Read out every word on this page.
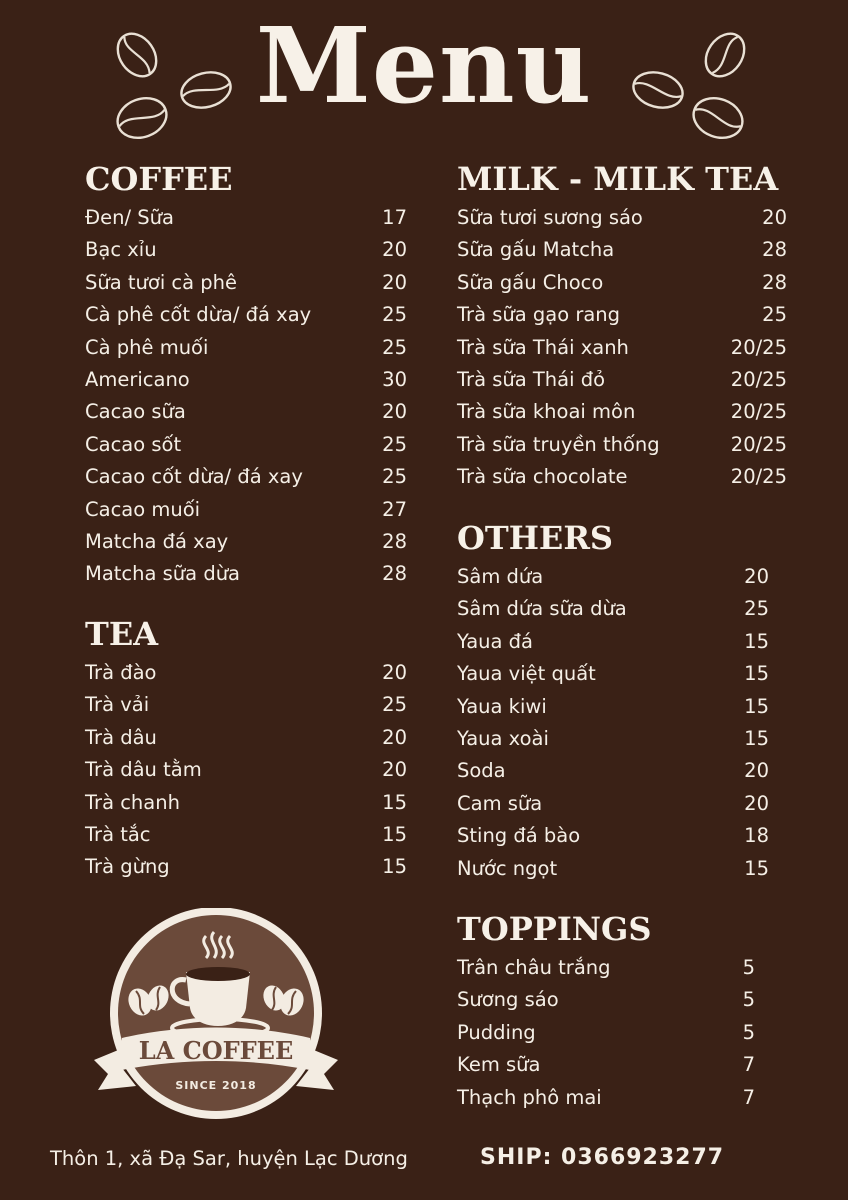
Menu
COFFEE
Đen/ Sữa	17
Bạc xỉu	20
Sữa tươi cà phê	20
Cà phê cốt dừa/ đá xay	25
Cà phê muối	25
Americano	30
Cacao sữa	20
Cacao sốt	25
Cacao cốt dừa/ đá xay	25
Cacao muối	27
Matcha đá xay	28
Matcha sữa dừa	28
TEA
Trà đào	20
Trà vải	25
Trà dâu	20
Trà dâu tằm	20
Trà chanh	15
Trà tắc	15
Trà gừng	15
MILK - MILK TEA
Sữa tươi sương sáo	20
Sữa gấu Matcha	28
Sữa gấu Choco	28
Trà sữa gạo rang	25
Trà sữa Thái xanh	20/25
Trà sữa Thái đỏ	20/25
Trà sữa khoai môn	20/25
Trà sữa truyền thống	20/25
Trà sữa chocolate	20/25
OTHERS
Sâm dứa	20
Sâm dứa sữa dừa	25
Yaua đá	15
Yaua việt quất	15
Yaua kiwi	15
Yaua xoài	15
Soda	20
Cam sữa	20
Sting đá bào	18
Nước ngọt	15
TOPPINGS
Trân châu trắng	5
Sương sáo	5
Pudding	5
Kem sữa	7
Thạch phô mai	7
LA COFFEE
SINCE 2018
Thôn 1, xã Đạ Sar, huyện Lạc Dương	SHIP: 0366923277
